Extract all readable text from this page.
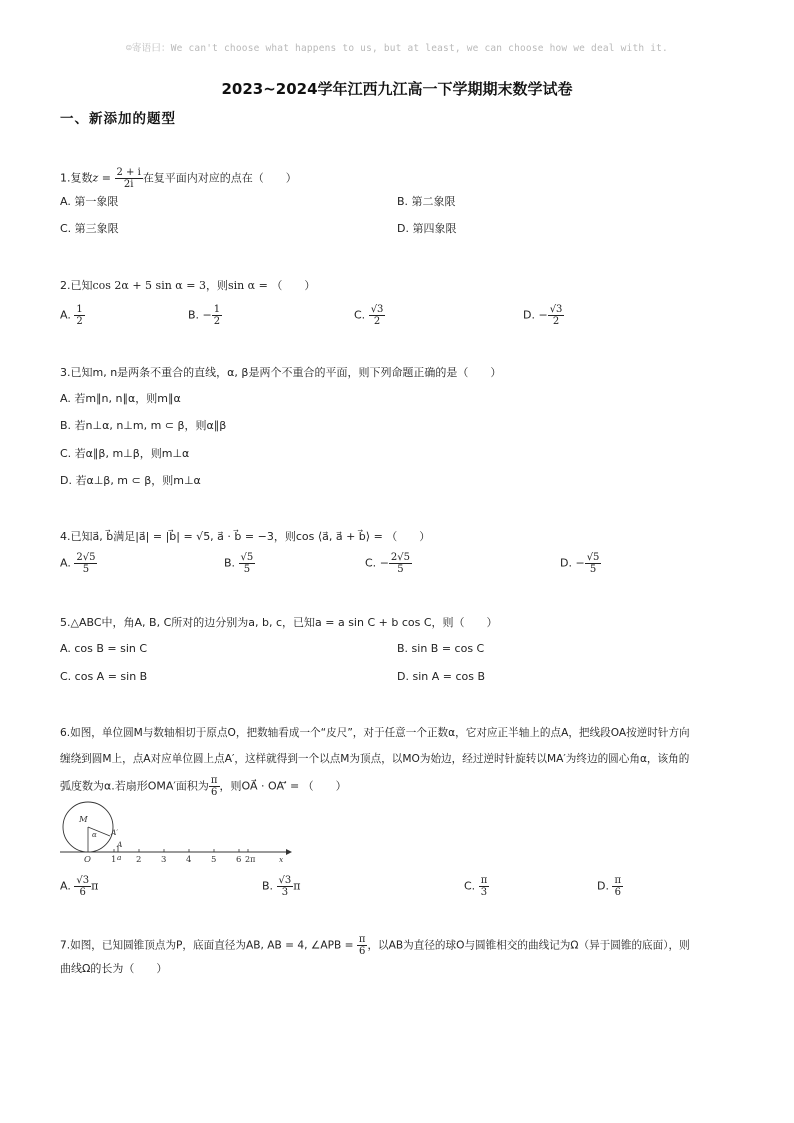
☺寄语曰：We can't choose what happens to us, but at least, we can choose how we deal with it.
2023~2024学年江西九江高一下学期期末数学试卷
一、新添加的题型
1.复数$z = \frac{2 + i}{2i}$ 在复平面内对应的点在（　　）
A. 第一象限	B. 第二象限
C. 第三象限	D. 第四象限
2.已知cos 2α + 5 sin α = 3，则sin α = （　　）
A. $\frac{1}{2}$	B. − $\frac{1}{2}$	C. $\frac{√3}{2}$	D. − $\frac{√3}{2}$
3.已知m, n是两条不重合的直线，α, β是两个不重合的平面，则下列命题正确的是（　　）
A. 若m∥n, n∥α，则m∥α
B. 若n⊥α, n⊥m, m ⊂ β，则α∥β
C. 若α∥β, m⊥β，则m⊥α
D. 若α⊥β, m ⊂ β，则m⊥α
4.已知a⃗, b⃗满足|a⃗| = |b⃗| = √5, a⃗ · b⃗ = −3，则cos ⟨a⃗, a⃗ + b⃗⟩ = （　　）
A. $\frac{2√5}{5}$	B. $\frac{√5}{5}$	C. − $\frac{2√5}{5}$	D. − $\frac{√5}{5}$
5.△ABC中，角A, B, C所对的边分别为a, b, c，已知a = a sin C + b cos C，则（　　）
A. cos B = sin C	B. sin B = cos C
C. cos A = sin B	D. sin A = cos B
6.如图，单位圆M与数轴相切于原点O，把数轴看成一个“皮尺”，对于任意一个正数α，它对应正半轴上的点A，把线段OA按逆时针方向
缠绕到圆M上，点A对应单位圆上点A′，这样就得到一个以点M为顶点，以MO为始边，经过逆时针旋转以MA′为终边的圆心角α，该角的
弧度数为α.若扇形OMA′面积为 $\frac{\pi}{6}$ ，则OA⃗ · OA′⃗ = （　　）
M
α A′
A
O 1 a 2 3 4 5 6 2π	x
A. $\frac{√3}{6}$ π	B. $\frac{√3}{3}$ π	C. $\frac{\pi}{3}$	D. $\frac{\pi}{6}$
7.如图，已知圆锥顶点为P，底面直径为AB, AB = 4, ∠APB = $\frac{\pi}{6}$ ，以AB为直径的球O与圆锥相交的曲线记为Ω（异于圆锥的底面），则
曲线Ω的长为（　　）
